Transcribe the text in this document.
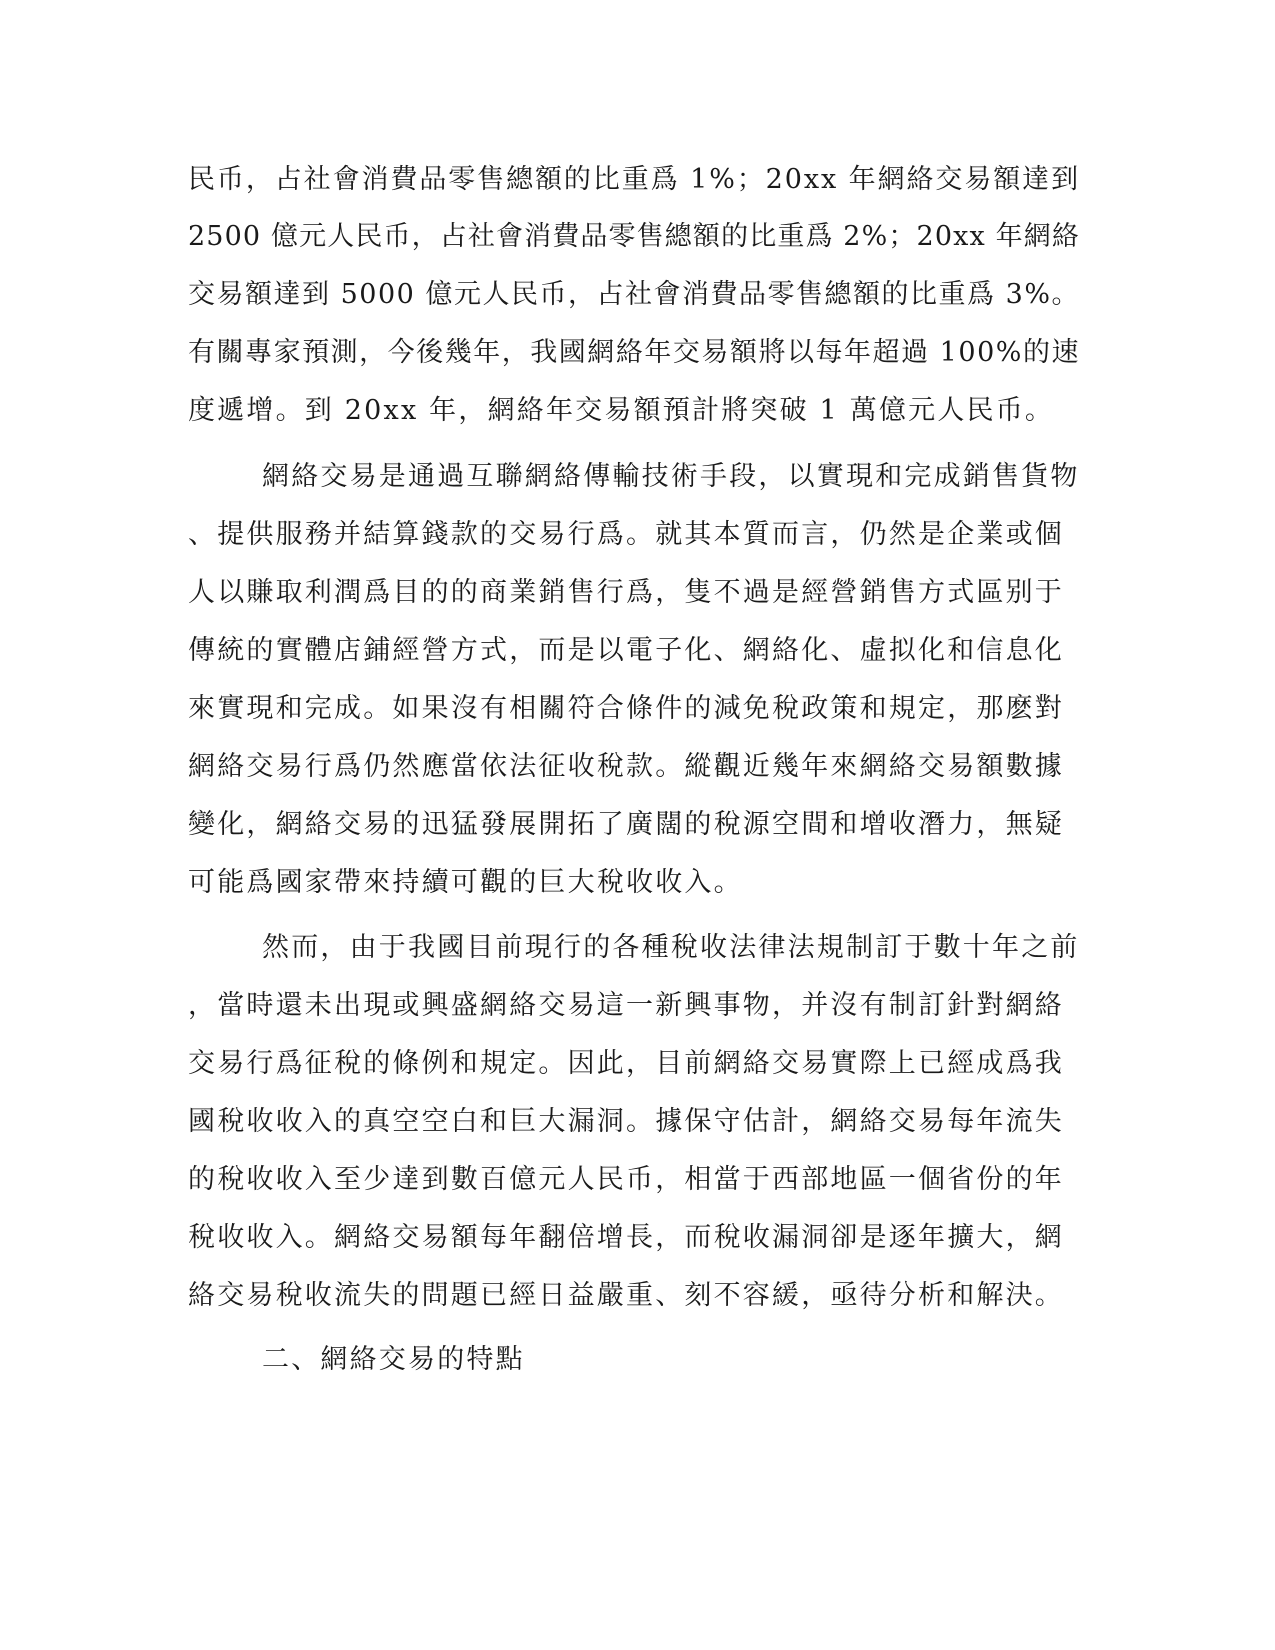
民币，占社會消費品零售總額的比重爲 1%；20xx 年網絡交易額達到
2500 億元人民币，占社會消費品零售總額的比重爲 2%；20xx 年網絡
交易額達到 5000 億元人民币，占社會消費品零售總額的比重爲 3%。
有關專家預測，今後幾年，我國網絡年交易額將以每年超過 100%的速
度遞增。到 20xx 年，網絡年交易額預計將突破 1 萬億元人民币。
網絡交易是通過互聯網絡傳輸技術手段，以實現和完成銷售貨物
、提供服務并結算錢款的交易行爲。就其本質而言，仍然是企業或個
人以賺取利潤爲目的的商業銷售行爲，隻不過是經營銷售方式區别于
傳統的實體店鋪經營方式，而是以電子化、網絡化、虛拟化和信息化
來實現和完成。如果沒有相關符合條件的減免稅政策和規定，那麽對
網絡交易行爲仍然應當依法征收稅款。縱觀近幾年來網絡交易額數據
變化，網絡交易的迅猛發展開拓了廣闊的稅源空間和增收潛力，無疑
可能爲國家帶來持續可觀的巨大稅收收入。
然而，由于我國目前現行的各種稅收法律法規制訂于數十年之前
，當時還未出現或興盛網絡交易這一新興事物，并沒有制訂針對網絡
交易行爲征稅的條例和規定。因此，目前網絡交易實際上已經成爲我
國稅收收入的真空空白和巨大漏洞。據保守估計，網絡交易每年流失
的稅收收入至少達到數百億元人民币，相當于西部地區一個省份的年
稅收收入。網絡交易額每年翻倍增長，而稅收漏洞卻是逐年擴大，網
絡交易稅收流失的問題已經日益嚴重、刻不容緩，亟待分析和解決。
二、網絡交易的特點
